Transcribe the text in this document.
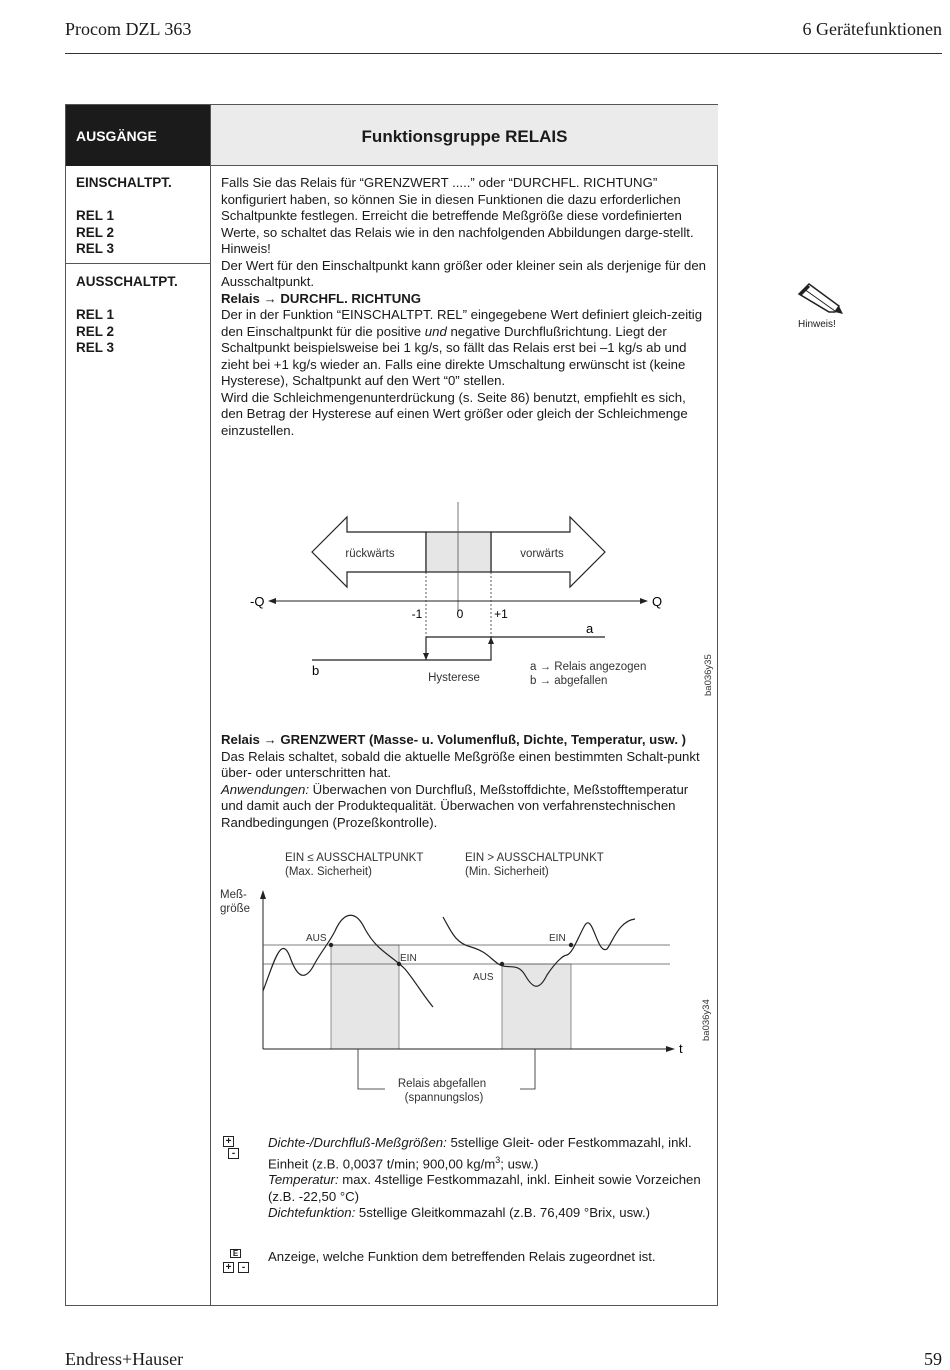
Procom DZL 363	6 Gerätefunktionen
AUSGÄNGE	Funktionsgruppe RELAIS
EINSCHALTPT.
REL 1
REL 2
REL 3
AUSSCHALTPT.
REL 1
REL 2
REL 3

Falls Sie das Relais für “GRENZWERT .....” oder “DURCHFL. RICHTUNG” konfiguriert haben, so können Sie in diesen Funktionen die dazu erforderlichen Schaltpunkte festlegen. Erreicht die betreffende Meßgröße diese vordefinierten Werte, so schaltet das Relais wie in den nachfolgenden Abbildungen darge-stellt.

Hinweis!

Der Wert für den Einschaltpunkt kann größer oder kleiner sein als derjenige für den Ausschaltpunkt.

Relais → DURCHFL. RICHTUNG

Der in der Funktion “EINSCHALTPT. REL” eingegebene Wert definiert gleich-zeitig den Einschaltpunkt für die positive und negative Durchflußrichtung. Liegt der Schaltpunkt beispielsweise bei 1 kg/s, so fällt das Relais erst bei –1 kg/s ab und zieht bei +1 kg/s wieder an. Falls eine direkte Umschaltung erwünscht ist (keine Hysterese), Schaltpunkt auf den Wert “0” stellen.

Wird die Schleichmengenunterdrückung (s. Seite 86) benutzt, empfiehlt es sich, den Betrag der Hysterese auf einen Wert größer oder gleich der Schleichmenge einzustellen.

Relais → GRENZWERT (Masse- u. Volumenfluß, Dichte, Temperatur, usw. )

Das Relais schaltet, sobald die aktuelle Meßgröße einen bestimmten Schalt-punkt über- oder unterschritten hat.

Anwendungen: Überwachen von Durchfluß, Meßstoffdichte, Meßstofftemperatur und damit auch der Produktequalität. Überwachen von verfahrenstechnischen Randbedingungen (Prozeßkontrolle).

rückwärts	vorwärts
-Q	Q
-1	0	+1
a
b	Hysterese
a → Relais angezogen
b → abgefallen	ba036y35
EIN ≤ AUSSCHALTPUNKT
(Max. Sicherheit)
EIN > AUSSCHALTPUNKT
(Min. Sicherheit)
Meß-
größe
t
AUS
EIN
AUS
EIN
Relais abgefallen
(spannungslos)
ba036y34
+
-
Dichte-/Durchfluß-Meßgrößen: 5stellige Gleit- oder Festkommazahl, inkl. Einheit (z.B. 0,0037 t/min; 900,00 $kg/m^3$; usw.)
Temperatur: max. 4stellige Festkommazahl, inkl. Einheit sowie Vorzeichen (z.B. -22,50 °C)
Dichtefunktion: 5stellige Gleitkommazahl (z.B. 76,409 °Brix, usw.)
E
+	-
Anzeige, welche Funktion dem betreffenden Relais zugeordnet ist.
Hinweis!
Endress+Hauser	59
